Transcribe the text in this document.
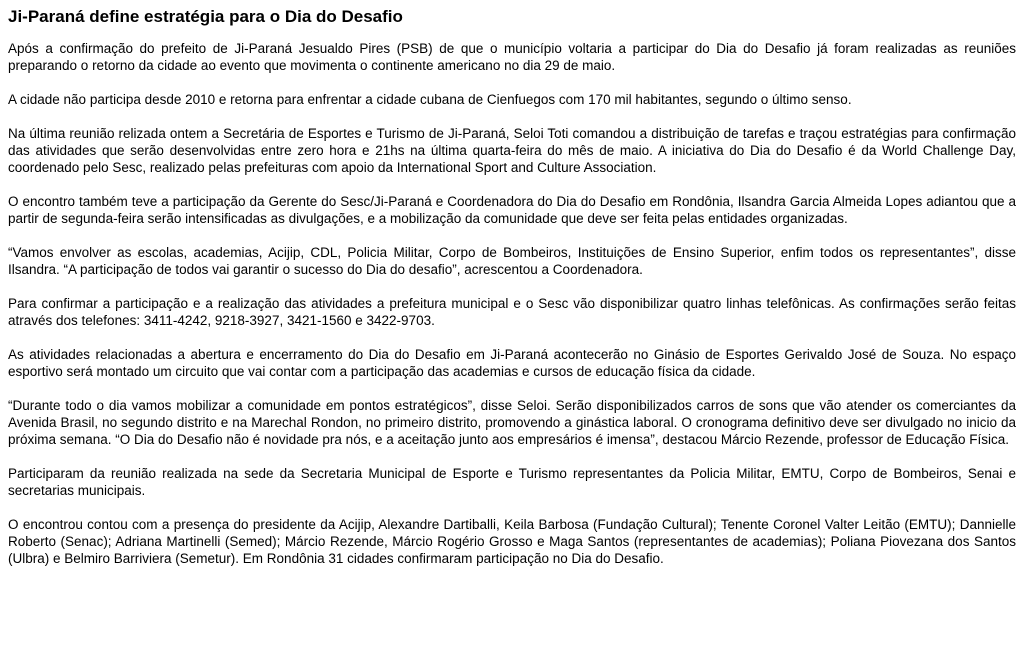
Ji-Paraná define estratégia para o Dia do Desafio

Após a confirmação do prefeito de Ji-Paraná Jesualdo Pires (PSB) de que o município voltaria a participar do Dia do Desafio já foram realizadas as reuniões preparando o retorno da cidade ao evento que movimenta o continente americano no dia 29 de maio.

A cidade não participa desde 2010 e retorna para enfrentar a cidade cubana de Cienfuegos com 170 mil habitantes, segundo o último senso.

Na última reunião relizada ontem a Secretária de Esportes e Turismo de Ji-Paraná, Seloi Toti comandou a distribuição de tarefas e traçou estratégias para confirmação das atividades que serão desenvolvidas entre zero hora e 21hs na última quarta-feira do mês de maio. A iniciativa do Dia do Desafio é da World Challenge Day, coordenado pelo Sesc, realizado pelas prefeituras com apoio da International Sport and Culture Association.

O encontro também teve a participação da Gerente do Sesc/Ji-Paraná e Coordenadora do Dia do Desafio em Rondônia, Ilsandra Garcia Almeida Lopes adiantou que a partir de segunda-feira serão intensificadas as divulgações, e a mobilização da comunidade que deve ser feita pelas entidades organizadas.

“Vamos envolver as escolas, academias, Acijip, CDL, Policia Militar, Corpo de Bombeiros, Instituições de Ensino Superior, enfim todos os representantes”, disse Ilsandra. “A participação de todos vai garantir o sucesso do Dia do desafio”, acrescentou a Coordenadora.

Para confirmar a participação e a realização das atividades a prefeitura municipal e o Sesc vão disponibilizar quatro linhas telefônicas. As confirmações serão feitas através dos telefones: 3411-4242, 9218-3927, 3421-1560 e 3422-9703.

As atividades relacionadas a abertura e encerramento do Dia do Desafio em Ji-Paraná acontecerão no Ginásio de Esportes Gerivaldo José de Souza. No espaço esportivo será montado um circuito que vai contar com a participação das academias e cursos de educação física da cidade.

“Durante todo o dia vamos mobilizar a comunidade em pontos estratégicos”, disse Seloi. Serão disponibilizados carros de sons que vão atender os comerciantes da Avenida Brasil, no segundo distrito e na Marechal Rondon, no primeiro distrito, promovendo a ginástica laboral. O cronograma definitivo deve ser divulgado no inicio da próxima semana. “O Dia do Desafio não é novidade pra nós, e a aceitação junto aos empresários é imensa”, destacou Márcio Rezende, professor de Educação Física.

Participaram da reunião realizada na sede da Secretaria Municipal de Esporte e Turismo representantes da Policia Militar, EMTU, Corpo de Bombeiros, Senai e secretarias municipais.

O encontrou contou com a presença do presidente da Acijip, Alexandre Dartiballi, Keila Barbosa (Fundação Cultural); Tenente Coronel Valter Leitão (EMTU); Dannielle Roberto (Senac); Adriana Martinelli (Semed); Márcio Rezende, Márcio Rogério Grosso e Maga Santos (representantes de academias); Poliana Piovezana dos Santos (Ulbra) e Belmiro Barriviera (Semetur). Em Rondônia 31 cidades confirmaram participação no Dia do Desafio.
